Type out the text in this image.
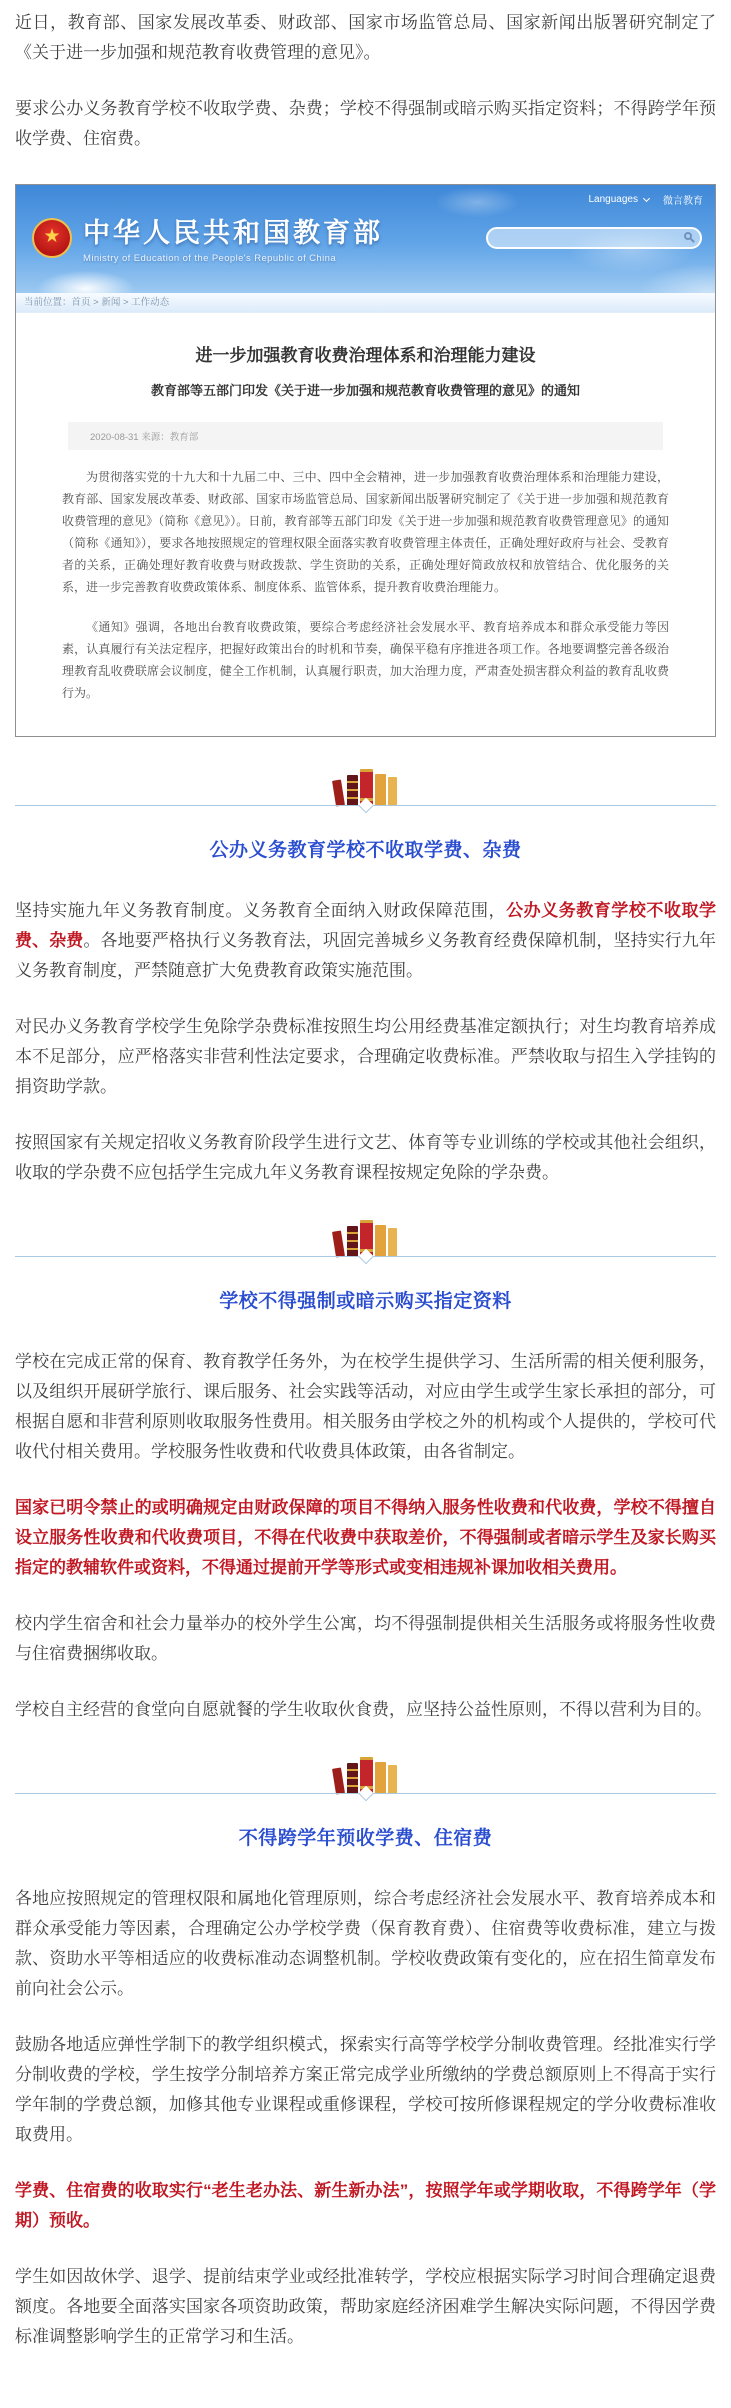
近日，教育部、国家发展改革委、财政部、国家市场监管总局、国家新闻出版署研究制定了《关于进一步加强和规范教育收费管理的意见》。

要求公办义务教育学校不收取学费、杂费；学校不得强制或暗示购买指定资料；不得跨学年预收学费、住宿费。

Languages	微言教育
★ 中华人民共和国教育部
Ministry of Education of the People's Republic of China
当前位置：首页 > 新闻 > 工作动态
进一步加强教育收费治理体系和治理能力建设
教育部等五部门印发《关于进一步加强和规范教育收费管理的意见》的通知
2020-08-31 来源：教育部

为贯彻落实党的十九大和十九届二中、三中、四中全会精神，进一步加强教育收费治理体系和治理能力建设，教育部、国家发展改革委、财政部、国家市场监管总局、国家新闻出版署研究制定了《关于进一步加强和规范教育收费管理的意见》（简称《意见》）。日前，教育部等五部门印发《关于进一步加强和规范教育收费管理意见》的通知（简称《通知》），要求各地按照规定的管理权限全面落实教育收费管理主体责任，正确处理好政府与社会、受教育者的关系，正确处理好教育收费与财政拨款、学生资助的关系，正确处理好简政放权和放管结合、优化服务的关系，进一步完善教育收费政策体系、制度体系、监管体系，提升教育收费治理能力。

《通知》强调，各地出台教育收费政策，要综合考虑经济社会发展水平、教育培养成本和群众承受能力等因素，认真履行有关法定程序，把握好政策出台的时机和节奏，确保平稳有序推进各项工作。各地要调整完善各级治理教育乱收费联席会议制度，健全工作机制，认真履行职责，加大治理力度，严肃查处损害群众利益的教育乱收费行为。

公办义务教育学校不收取学费、杂费

坚持实施九年义务教育制度。义务教育全面纳入财政保障范围，公办义务教育学校不收取学费、杂费。各地要严格执行义务教育法，巩固完善城乡义务教育经费保障机制，坚持实行九年义务教育制度，严禁随意扩大免费教育政策实施范围。

对民办义务教育学校学生免除学杂费标准按照生均公用经费基准定额执行；对生均教育培养成本不足部分，应严格落实非营利性法定要求，合理确定收费标准。严禁收取与招生入学挂钩的捐资助学款。

按照国家有关规定招收义务教育阶段学生进行文艺、体育等专业训练的学校或其他社会组织，收取的学杂费不应包括学生完成九年义务教育课程按规定免除的学杂费。

学校不得强制或暗示购买指定资料

学校在完成正常的保育、教育教学任务外，为在校学生提供学习、生活所需的相关便利服务，以及组织开展研学旅行、课后服务、社会实践等活动，对应由学生或学生家长承担的部分，可根据自愿和非营利原则收取服务性费用。相关服务由学校之外的机构或个人提供的，学校可代收代付相关费用。学校服务性收费和代收费具体政策，由各省制定。

国家已明令禁止的或明确规定由财政保障的项目不得纳入服务性收费和代收费，学校不得擅自设立服务性收费和代收费项目，不得在代收费中获取差价，不得强制或者暗示学生及家长购买指定的教辅软件或资料，不得通过提前开学等形式或变相违规补课加收相关费用。

校内学生宿舍和社会力量举办的校外学生公寓，均不得强制提供相关生活服务或将服务性收费与住宿费捆绑收取。

学校自主经营的食堂向自愿就餐的学生收取伙食费，应坚持公益性原则，不得以营利为目的。

不得跨学年预收学费、住宿费

各地应按照规定的管理权限和属地化管理原则，综合考虑经济社会发展水平、教育培养成本和群众承受能力等因素，合理确定公办学校学费（保育教育费）、住宿费等收费标准，建立与拨款、资助水平等相适应的收费标准动态调整机制。学校收费政策有变化的，应在招生简章发布前向社会公示。

鼓励各地适应弹性学制下的教学组织模式，探索实行高等学校学分制收费管理。经批准实行学分制收费的学校，学生按学分制培养方案正常完成学业所缴纳的学费总额原则上不得高于实行学年制的学费总额，加修其他专业课程或重修课程，学校可按所修课程规定的学分收费标准收取费用。

学费、住宿费的收取实行“老生老办法、新生新办法”，按照学年或学期收取，不得跨学年（学期）预收。

学生如因故休学、退学、提前结束学业或经批准转学，学校应根据实际学习时间合理确定退费额度。各地要全面落实国家各项资助政策，帮助家庭经济困难学生解决实际问题，不得因学费标准调整影响学生的正常学习和生活。
